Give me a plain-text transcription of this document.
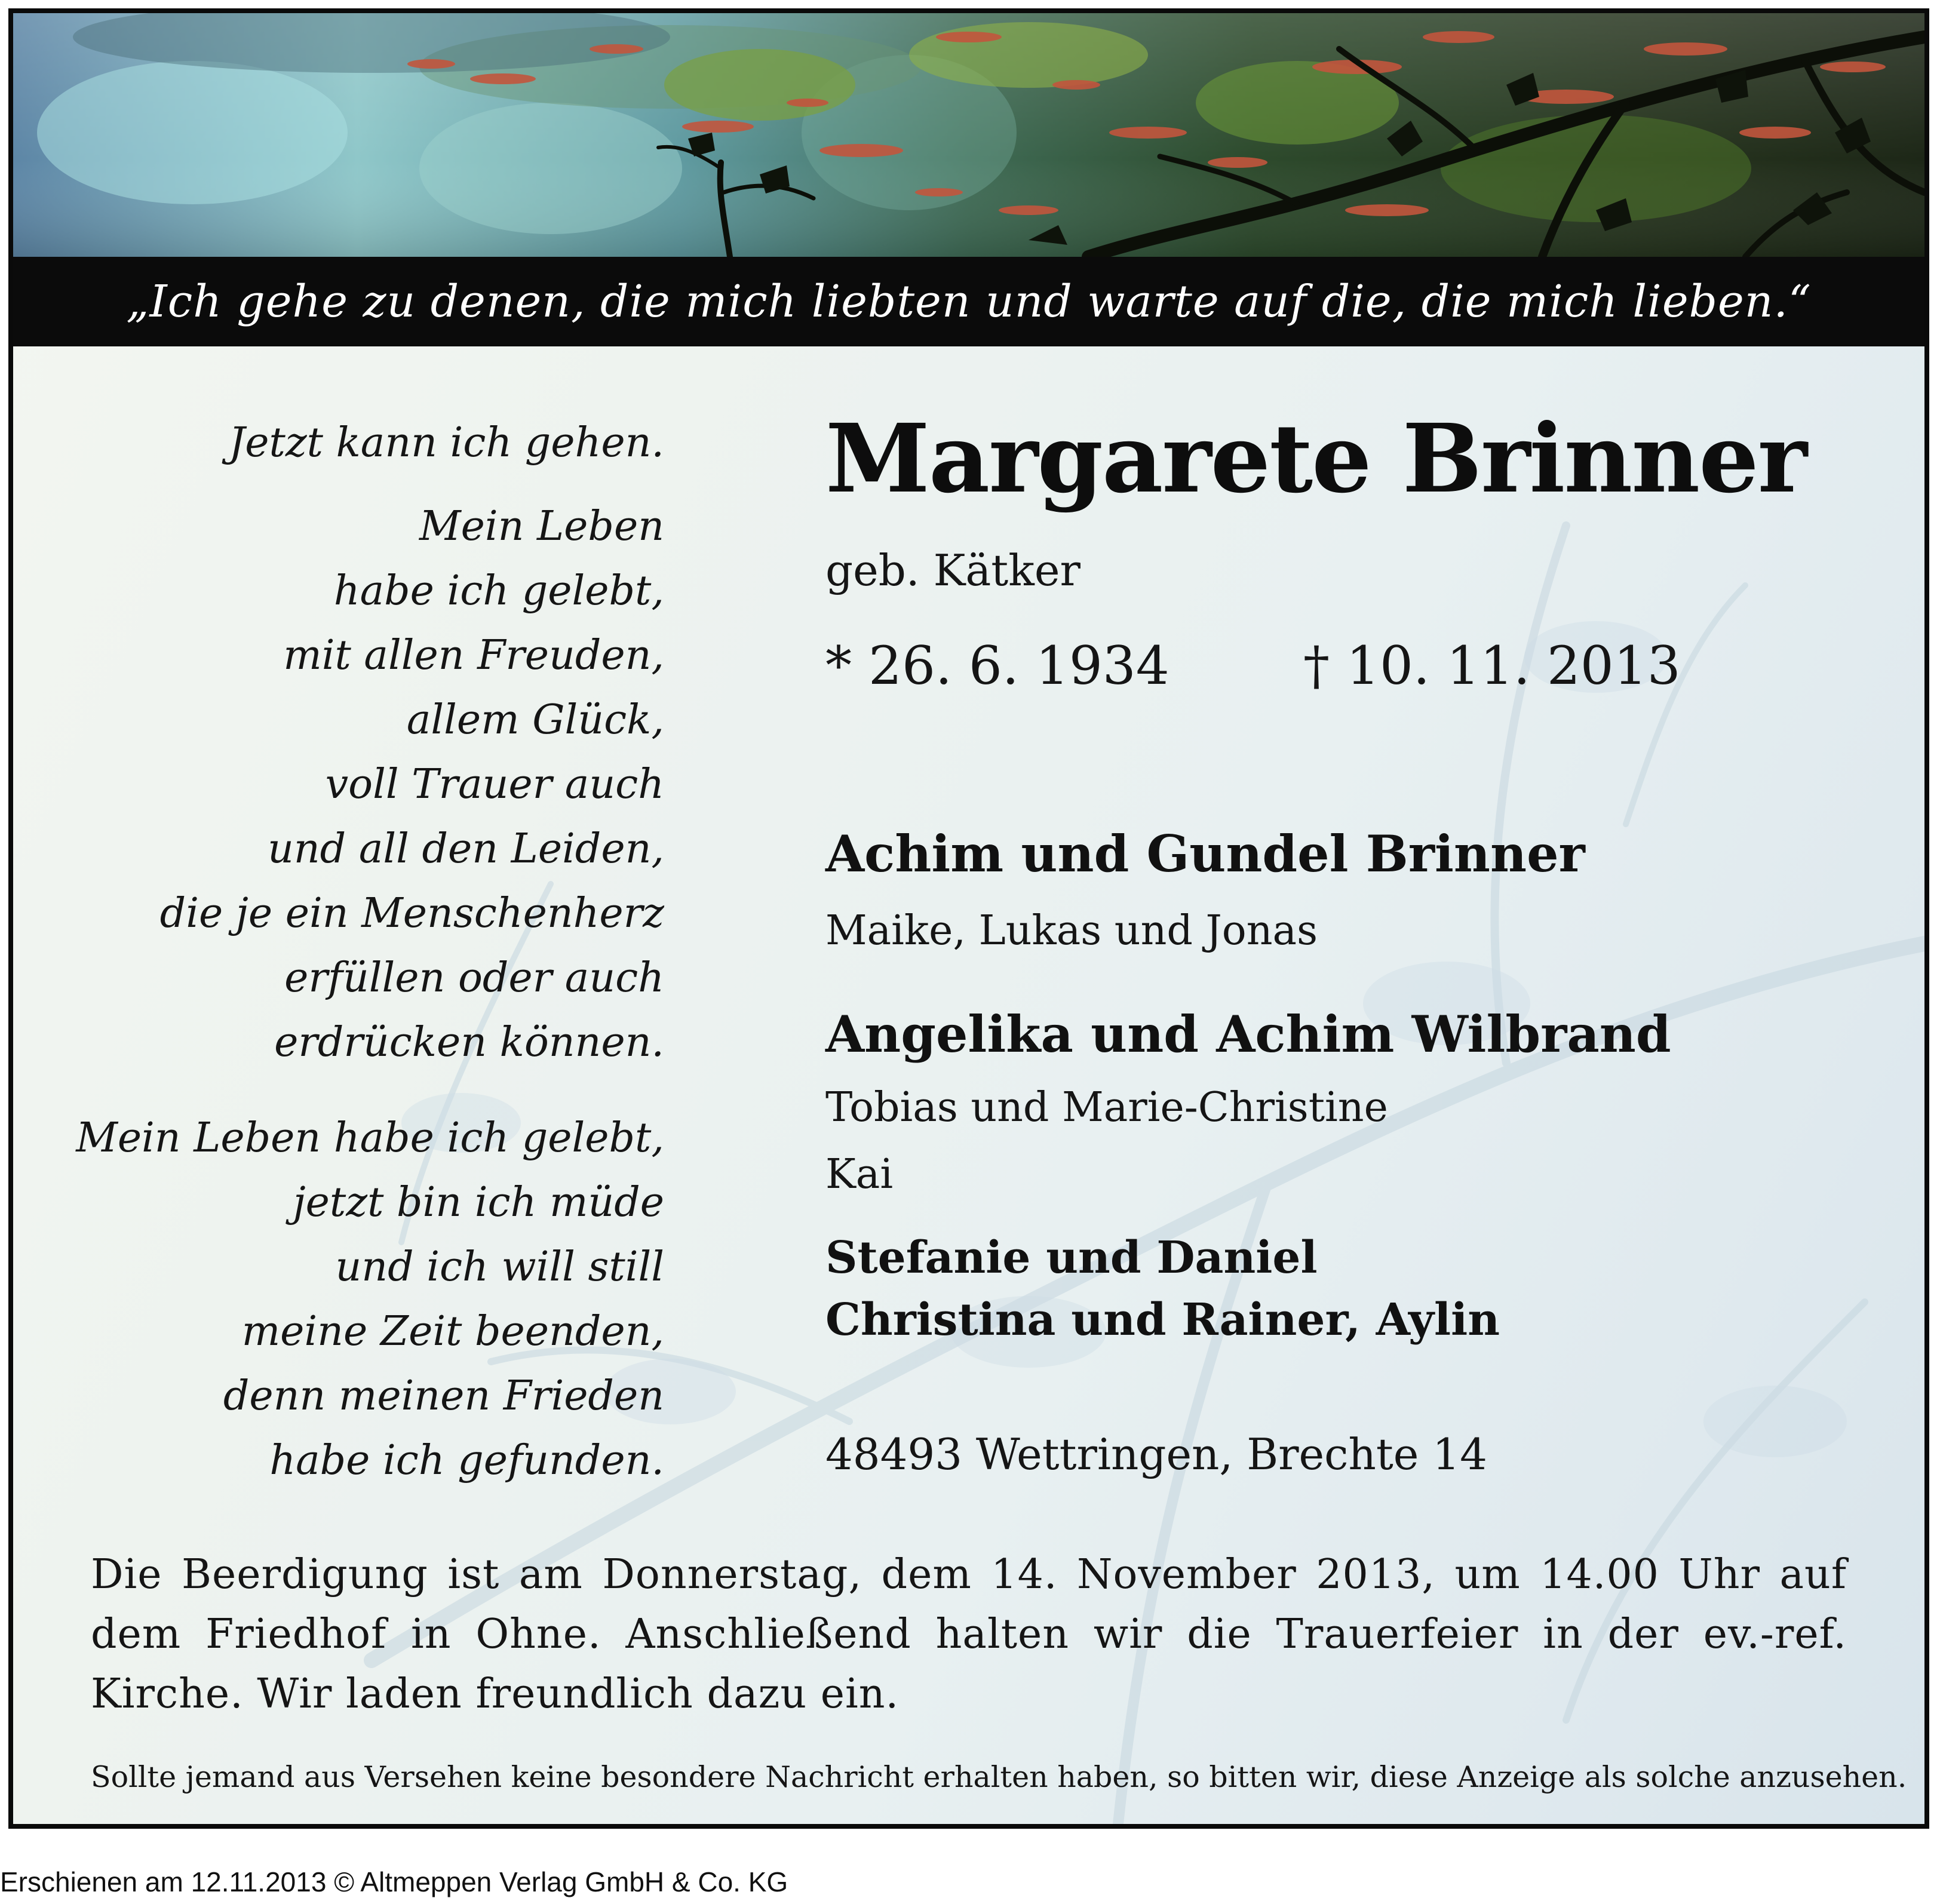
„Ich gehe zu denen, die mich liebten und warte auf die, die mich lieben.“
Jetzt kann ich gehen.
Mein Leben
habe ich gelebt,
mit allen Freuden,
allem Glück,
voll Trauer auch
und all den Leiden,
die je ein Menschenherz
erfüllen oder auch
erdrücken können.
Mein Leben habe ich gelebt,
jetzt bin ich müde
und ich will still
meine Zeit beenden,
denn meinen Frieden
habe ich gefunden.
Margarete Brinner
geb. Kätker
* 26. 6. 1934	† 10. 11. 2013
Achim und Gundel Brinner
Maike, Lukas und Jonas
Angelika und Achim Wilbrand
Tobias und Marie-Christine
Kai
Stefanie und Daniel
Christina und Rainer, Aylin
48493 Wettringen, Brechte 14

Die Beerdigung ist am Donnerstag, dem 14. November 2013, um 14.00 Uhr auf dem Friedhof in Ohne. Anschließend halten wir die Trauerfeier in der ev.-ref. Kirche. Wir laden freundlich dazu ein.

Sollte jemand aus Versehen keine besondere Nachricht erhalten haben, so bitten wir, diese Anzeige als solche anzusehen.

Erschienen am 12.11.2013 © Altmeppen Verlag GmbH & Co. KG
